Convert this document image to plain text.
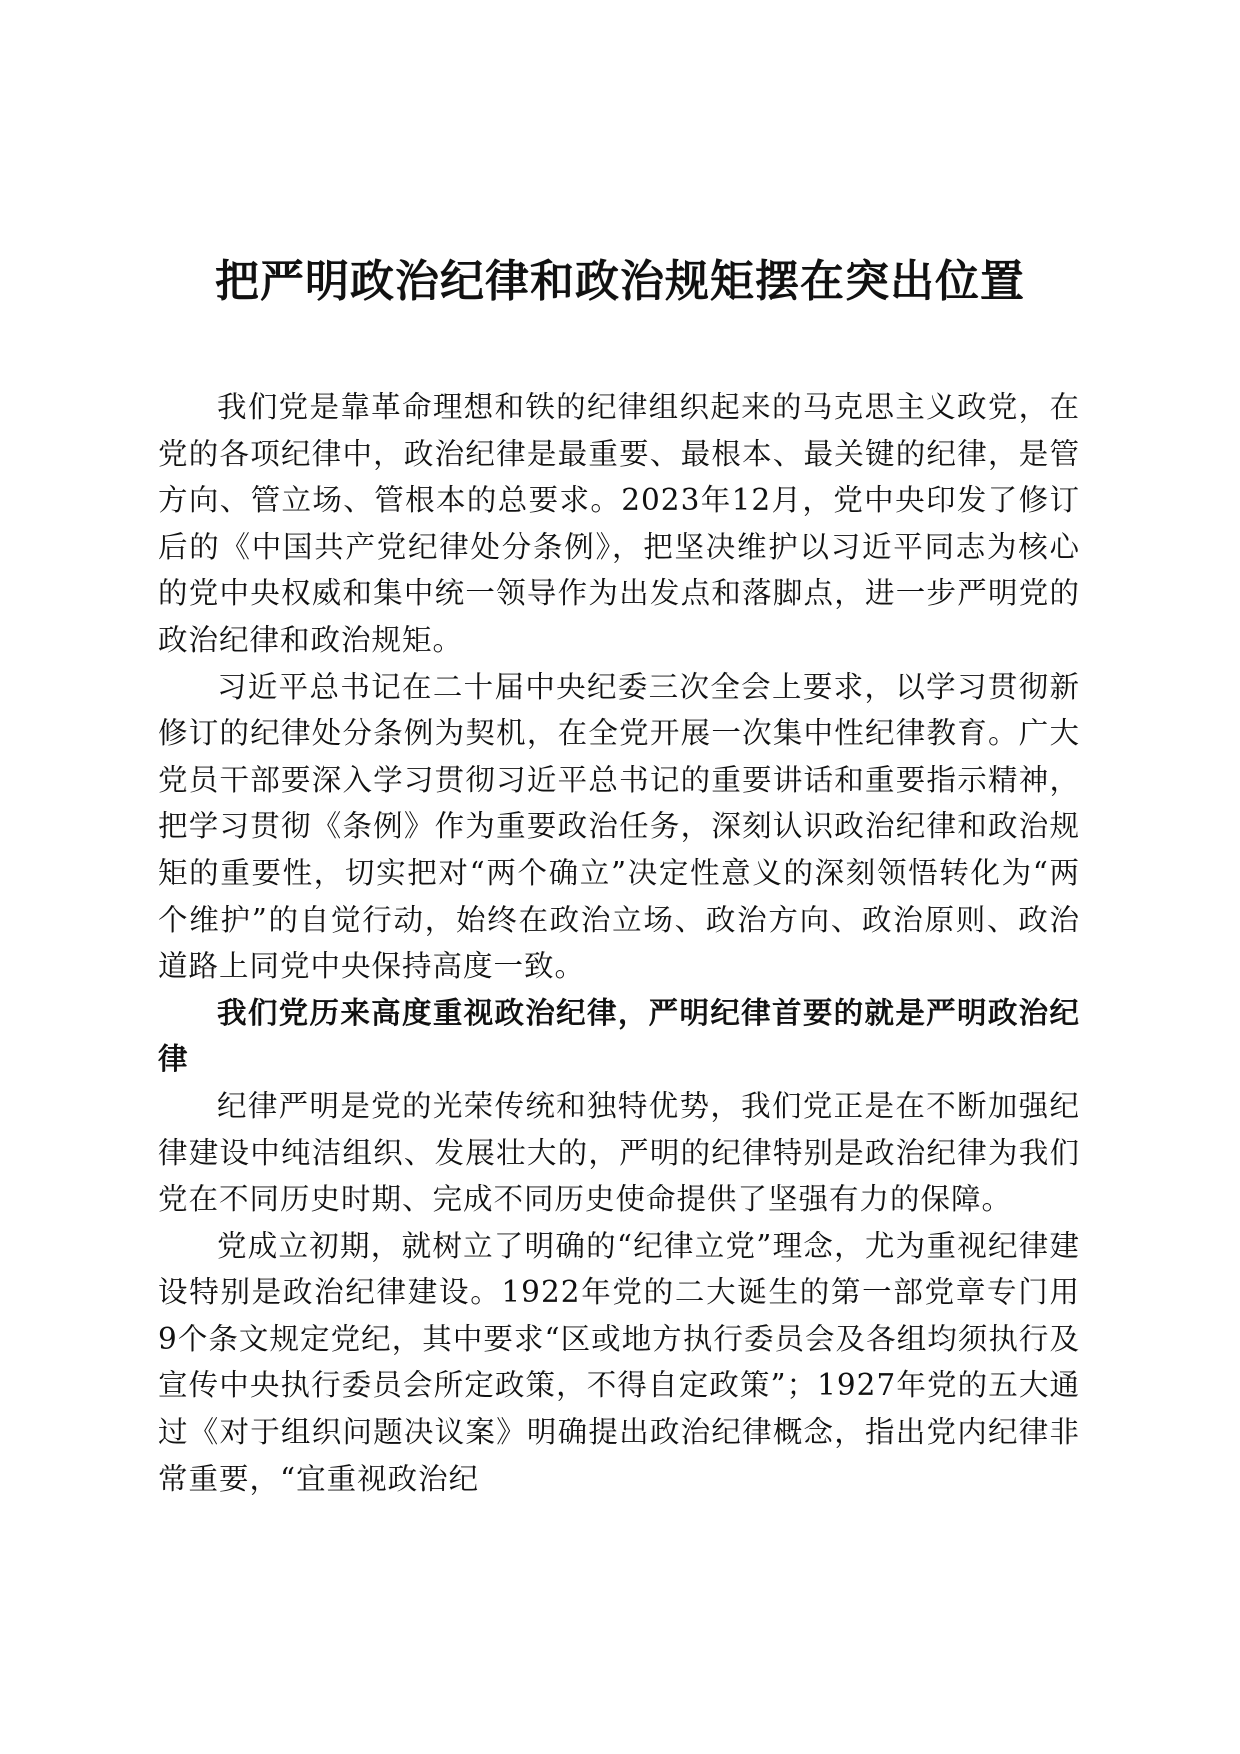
把严明政治纪律和政治规矩摆在突出位置

我们党是靠革命理想和铁的纪律组织起来的马克思主义政党，在党的各项纪律中，政治纪律是最重要、最根本、最关键的纪律，是管方向、管立场、管根本的总要求。2023年12月，党中央印发了修订后的《中国共产党纪律处分条例》，把坚决维护以习近平同志为核心的党中央权威和集中统一领导作为出发点和落脚点，进一步严明党的政治纪律和政治规矩。

习近平总书记在二十届中央纪委三次全会上要求，以学习贯彻新修订的纪律处分条例为契机，在全党开展一次集中性纪律教育。广大党员干部要深入学习贯彻习近平总书记的重要讲话和重要指示精神，把学习贯彻《条例》作为重要政治任务，深刻认识政治纪律和政治规矩的重要性，切实把对“两个确立”决定性意义的深刻领悟转化为“两个维护”的自觉行动，始终在政治立场、政治方向、政治原则、政治道路上同党中央保持高度一致。

我们党历来高度重视政治纪律，严明纪律首要的就是严明政治纪律

纪律严明是党的光荣传统和独特优势，我们党正是在不断加强纪律建设中纯洁组织、发展壮大的，严明的纪律特别是政治纪律为我们党在不同历史时期、完成不同历史使命提供了坚强有力的保障。

党成立初期，就树立了明确的“纪律立党”理念，尤为重视纪律建设特别是政治纪律建设。1922年党的二大诞生的第一部党章专门用9个条文规定党纪，其中要求“区或地方执行委员会及各组均须执行及宣传中央执行委员会所定政策，不得自定政策”；1927年党的五大通过《对于组织问题决议案》明确提出政治纪律概念，指出党内纪律非常重要，“宜重视政治纪
